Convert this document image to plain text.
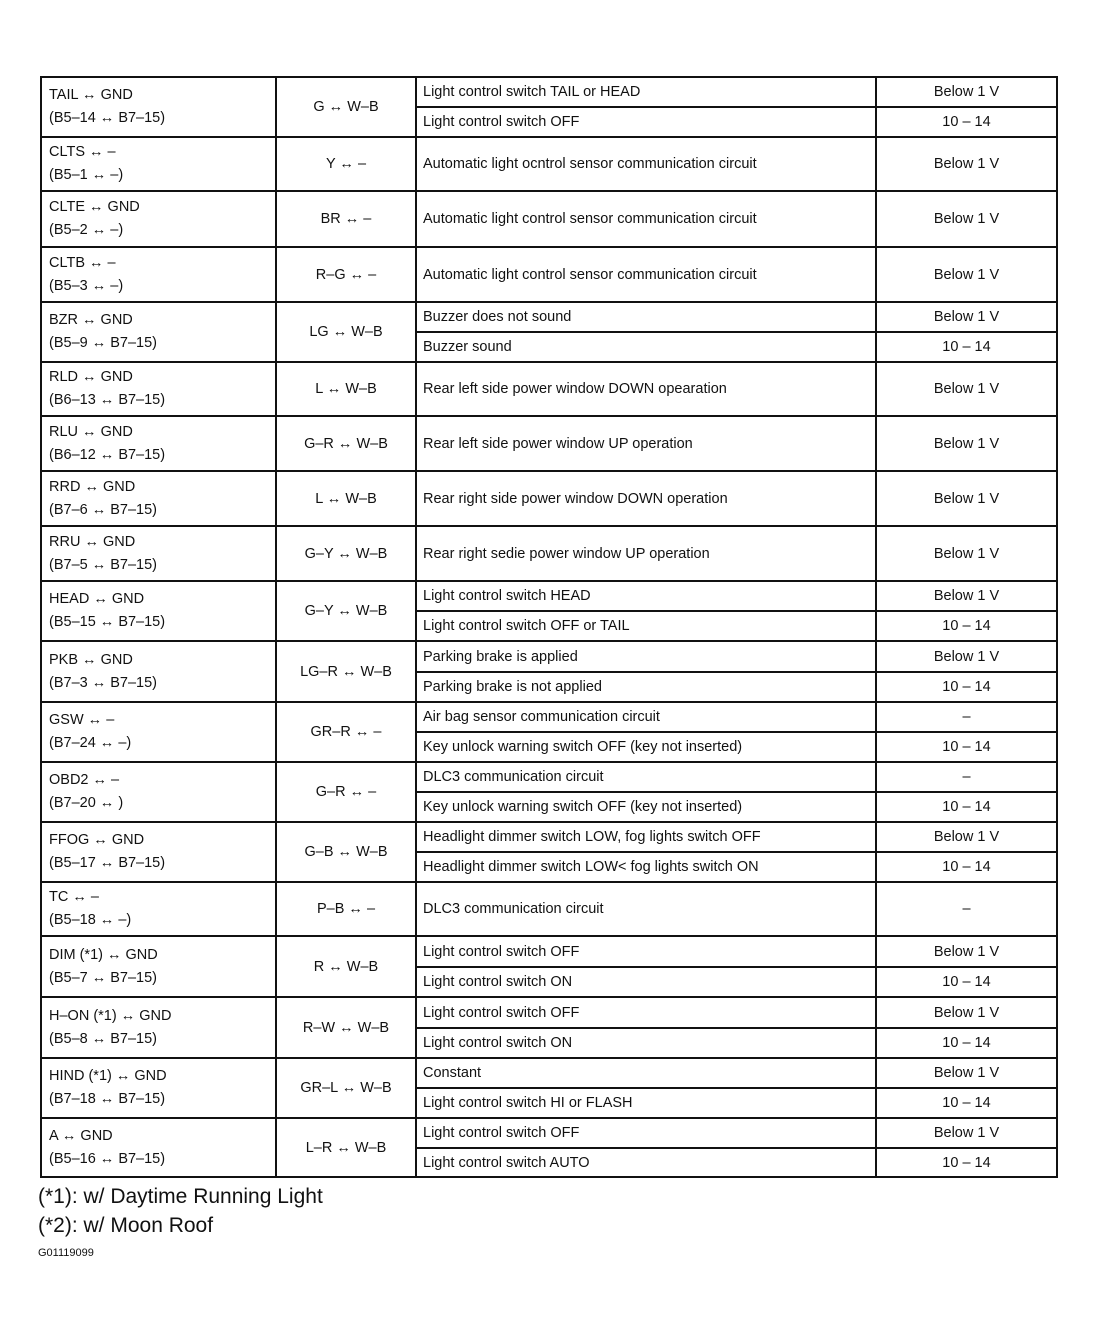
TAIL ↔ GND
(B5–14 ↔ B7–15)	G ↔ W–B	Light control switch TAIL or HEAD	Below 1 V
		Light control switch OFF	10 – 14

CLTS ↔ –
(B5–1 ↔ –)	Y ↔ –	Automatic light ocntrol sensor communication circuit	Below 1 V

CLTE ↔ GND
(B5–2 ↔ –)	BR ↔ –	Automatic light control sensor communication circuit	Below 1 V

CLTB ↔ –
(B5–3 ↔ –)	R–G ↔ –	Automatic light control sensor communication circuit	Below 1 V

BZR ↔ GND
(B5–9 ↔ B7–15)	LG ↔ W–B	Buzzer does not sound	Below 1 V
		Buzzer sound	10 – 14

RLD ↔ GND
(B6–13 ↔ B7–15)	L ↔ W–B	Rear left side power window DOWN opearation	Below 1 V

RLU ↔ GND
(B6–12 ↔ B7–15)	G–R ↔ W–B	Rear left side power window UP operation	Below 1 V

RRD ↔ GND
(B7–6 ↔ B7–15)	L ↔ W–B	Rear right side power window DOWN operation	Below 1 V

RRU ↔ GND
(B7–5 ↔ B7–15)	G–Y ↔ W–B	Rear right sedie power window UP operation	Below 1 V

HEAD ↔ GND
(B5–15 ↔ B7–15)	G–Y ↔ W–B	Light control switch HEAD	Below 1 V
		Light control switch OFF or TAIL	10 – 14

PKB ↔ GND
(B7–3 ↔ B7–15)	LG–R ↔ W–B	Parking brake is applied	Below 1 V
		Parking brake is not applied	10 – 14

GSW ↔ –
(B7–24 ↔ –)	GR–R ↔ –	Air bag sensor communication circuit	–
		Key unlock warning switch OFF (key not inserted)	10 – 14

OBD2 ↔ –
(B7–20 ↔ )	G–R ↔ –	DLC3 communication circuit	–
		Key unlock warning switch OFF (key not inserted)	10 – 14

FFOG ↔ GND
(B5–17 ↔ B7–15)	G–B ↔ W–B	Headlight dimmer switch LOW, fog lights switch OFF	Below 1 V
		Headlight dimmer switch LOW< fog lights switch ON	10 – 14

TC ↔ –
(B5–18 ↔ –)	P–B ↔ –	DLC3 communication circuit	–

DIM (*1) ↔ GND
(B5–7 ↔ B7–15)	R ↔ W–B	Light control switch OFF	Below 1 V
		Light control switch ON	10 – 14

H–ON (*1) ↔ GND
(B5–8 ↔ B7–15)	R–W ↔ W–B	Light control switch OFF	Below 1 V
		Light control switch ON	10 – 14

HIND (*1) ↔ GND
(B7–18 ↔ B7–15)	GR–L ↔ W–B	Constant	Below 1 V
		Light control switch HI or FLASH	10 – 14

A ↔ GND
(B5–16 ↔ B7–15)	L–R ↔ W–B	Light control switch OFF	Below 1 V
		Light control switch AUTO	10 – 14
(*1): w/ Daytime Running Light
(*2): w/ Moon Roof
G01119099
